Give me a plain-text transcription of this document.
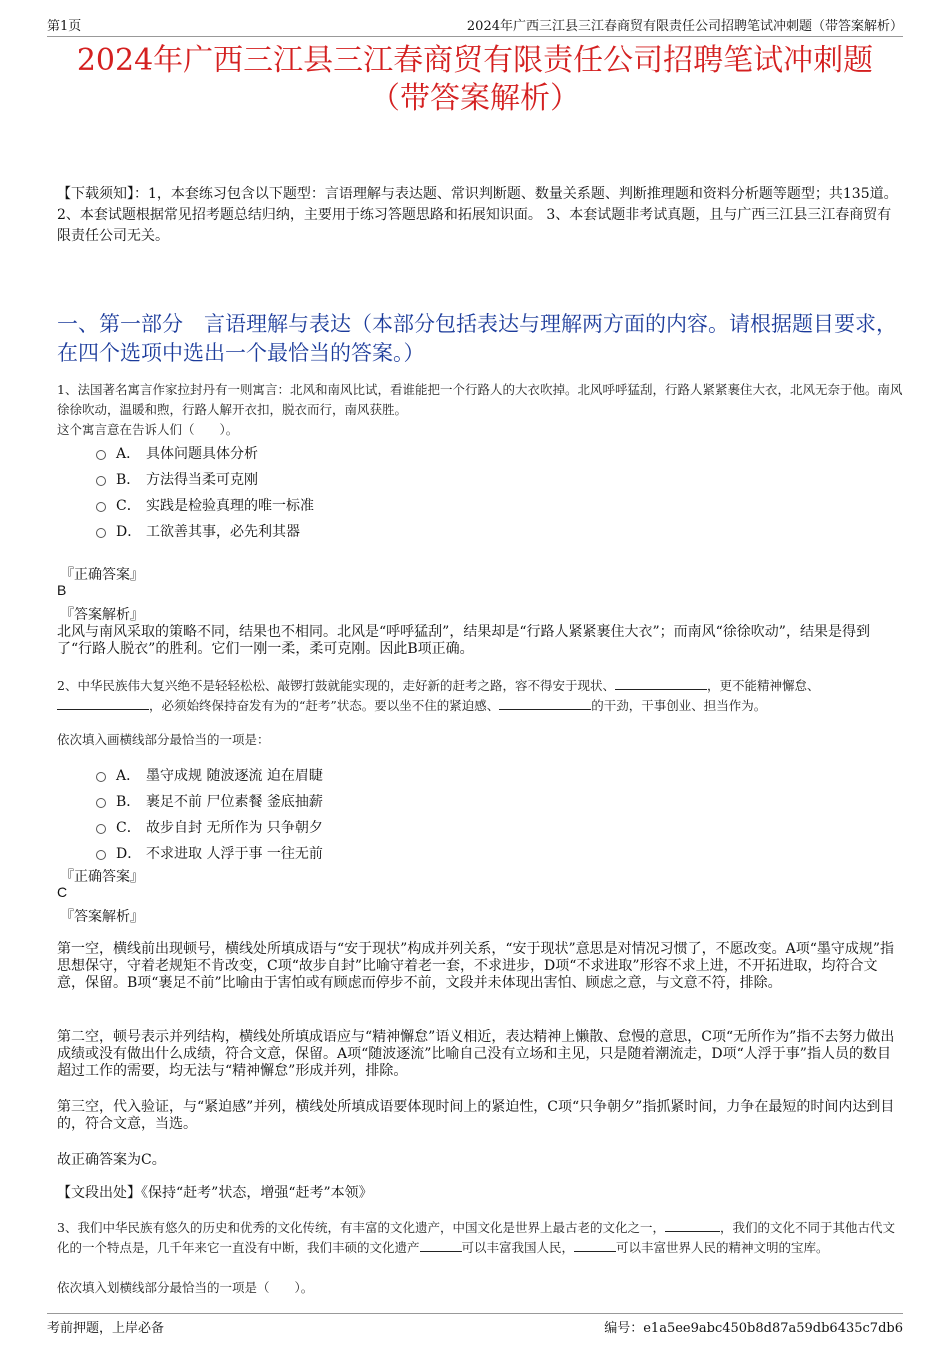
第1页	2024年广西三江县三江春商贸有限责任公司招聘笔试冲刺题（带答案解析）
2024年广西三江县三江春商贸有限责任公司招聘笔试冲刺题
（带答案解析）
【下载须知】：1，本套练习包含以下题型：言语理解与表达题、常识判断题、数量关系题、判断推理题和资料分析题等题型；共135道。 2、本套试题根据常见招考题总结归纳，主要用于练习答题思路和拓展知识面。 3、本套试题非考试真题，且与广西三江县三江春商贸有限责任公司无关。
一、第一部分　言语理解与表达（本部分包括表达与理解两方面的内容。请根据题目要求，在四个选项中选出一个最恰当的答案。）
1、法国著名寓言作家拉封丹有一则寓言：北风和南风比试，看谁能把一个行路人的大衣吹掉。北风呼呼猛刮，行路人紧紧裹住大衣，北风无奈于他。南风徐徐吹动，温暖和煦，行路人解开衣扣，脱衣而行，南风获胜。
这个寓言意在告诉人们（　　）。
A． 具体问题具体分析
B． 方法得当柔可克刚
C． 实践是检验真理的唯一标准
D． 工欲善其事，必先利其器
『正确答案』
B
『答案解析』
北风与南风采取的策略不同，结果也不相同。北风是“呼呼猛刮”，结果却是“行路人紧紧裹住大衣”；而南风“徐徐吹动”，结果是得到了“行路人脱衣”的胜利。它们一刚一柔，柔可克刚。因此B项正确。
2、中华民族伟大复兴绝不是轻轻松松、敲锣打鼓就能实现的，走好新的赶考之路，容不得安于现状、	，更不能精神懈怠、，必须始终保持奋发有为的“赶考”状态。要以坐不住的紧迫感、	的干劲，干事创业、担当作为。
依次填入画横线部分最恰当的一项是：
A． 墨守成规 随波逐流 迫在眉睫
B． 裹足不前 尸位素餐 釜底抽薪
C． 故步自封 无所作为 只争朝夕
D． 不求进取 人浮于事 一往无前
『正确答案』
C
『答案解析』
第一空，横线前出现顿号，横线处所填成语与“安于现状”构成并列关系，“安于现状”意思是对情况习惯了，不愿改变。A项“墨守成规”指思想保守，守着老规矩不肯改变，C项“故步自封”比喻守着老一套，不求进步，D项“不求进取”形容不求上进，不开拓进取，均符合文意，保留。B项“裹足不前”比喻由于害怕或有顾虑而停步不前，文段并未体现出害怕、顾虑之意，与文意不符，排除。
第二空，顿号表示并列结构，横线处所填成语应与“精神懈怠”语义相近，表达精神上懒散、怠慢的意思，C项“无所作为”指不去努力做出成绩或没有做出什么成绩，符合文意，保留。A项“随波逐流”比喻自己没有立场和主见，只是随着潮流走，D项“人浮于事”指人员的数目超过工作的需要，均无法与“精神懈怠”形成并列，排除。
第三空，代入验证，与“紧迫感”并列，横线处所填成语要体现时间上的紧迫性，C项“只争朝夕”指抓紧时间，力争在最短的时间内达到目的，符合文意，当选。
故正确答案为C。
【文段出处】《保持“赶考”状态，增强“赶考”本领》
3、我们中华民族有悠久的历史和优秀的文化传统，有丰富的文化遗产，中国文化是世界上最古老的文化之一，	，我们的文化不同于其他古代文化的一个特点是，几千年来它一直没有中断，我们丰硕的文化遗产	可以丰富我国人民，	可以丰富世界人民的精神文明的宝库。
依次填入划横线部分最恰当的一项是（　　）。
考前押题，上岸必备	编号：e1a5ee9abc450b8d87a59db6435c7db6
